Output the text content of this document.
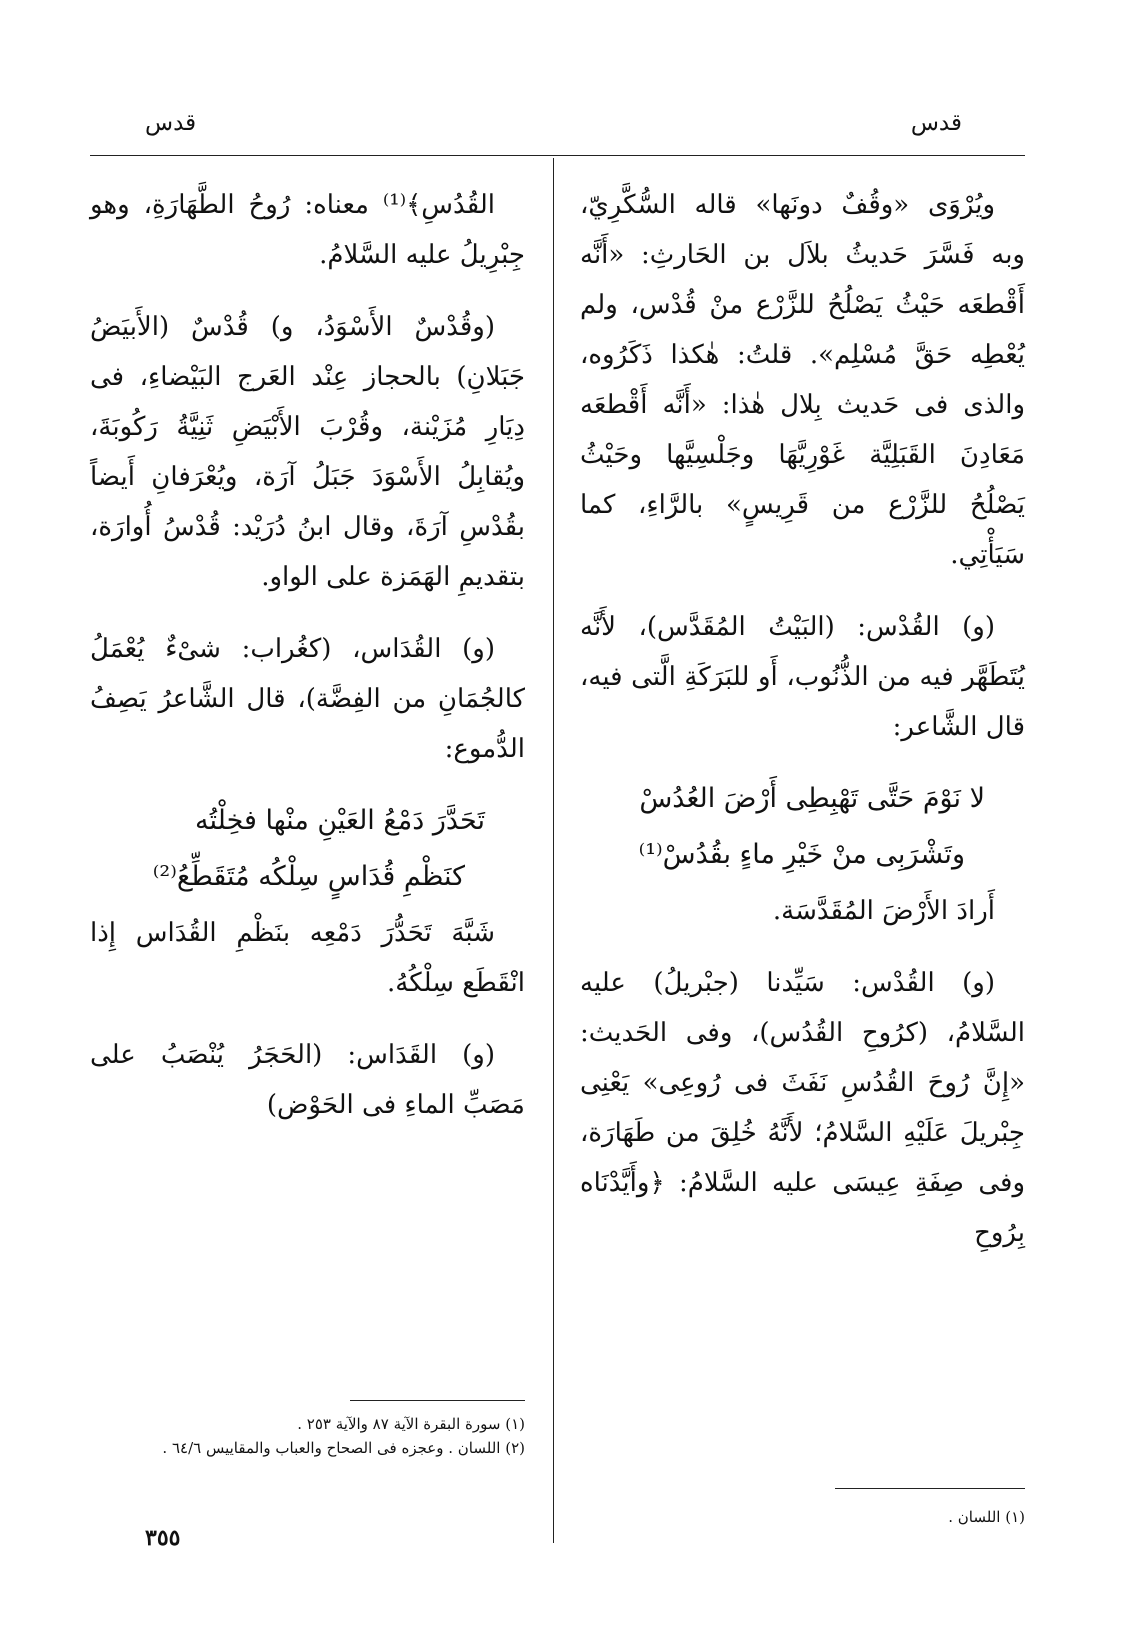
قدس
قدس

ويُرْوَى «وقُفٌ دونَها» قاله السُّكَّرِيّ، وبه فَسَّرَ حَديثُ بلاَل بن الحَارثِ: «أَنَّه أَقْطعَه حَيْثُ يَصْلُحُ للزَّرْع منْ قُدْس، ولم يُعْطِه حَقَّ مُسْلِم». قلتُ: هٰكذا ذَكَرُوه، والذى فى حَديث بِلال هٰذا: «أَنَّه أَقْطعَه مَعَادِنَ القَبَلِيَّة غَوْرِيَّهَا وجَلْسِيَّها وحَيْثُ يَصْلُحُ للزَّرْع من قَرِيسٍ» بالرَّاءِ، كما سَيَأْتِي.

(و) القُدْس: (البَيْتُ المُقَدَّس)، لأَنَّه يُتَطَهَّر فيه من الذُّنُوب، أَو للبَرَكَةِ الَّتى فيه، قال الشَّاعر:

لا نَوْمَ حَتَّى تَهْبِطِى أَرْضَ العُدُسْ

وتَشْرَبِى منْ خَيْرِ ماءٍ بقُدُسْ⁽¹⁾

أَرادَ الأَرْضَ المُقَدَّسَة.

(و) القُدْس: سَيِّدنا (جبْريلُ) عليه السَّلامُ، (كرُوحِ القُدُس)، وفى الحَديث: «إِنَّ رُوحَ القُدُسِ نَفَثَ فى رُوعِى» يَعْنِى جِبْريلَ عَلَيْهِ السَّلامُ؛ لأَنَّهُ خُلِقَ من طَهَارَة، وفى صِفَةِ عِيسَى عليه السَّلامُ: ﴿وأَيَّدْنَاه بِرُوحِ

القُدُسِ﴾⁽¹⁾ معناه: رُوحُ الطَّهَارَةِ، وهو جِبْرِيلُ عليه السَّلامُ.

(وقُدْسٌ الأَسْوَدُ، و) قُدْسٌ (الأَبيَضُ جَبَلانِ) بالحجاز عِنْد العَرج البَيْضاءِ، فى دِيَارِ مُزَيْنة، وقُرْبَ الأَبْيَضِ ثَنِيَّةُ رَكُوبَةَ، ويُقابِلُ الأَسْوَدَ جَبَلُ آرَة، ويُعْرَفانِ أَيضاً بقُدْسِ آرَةَ، وقال ابنُ دُرَيْد: قُدْسُ أُوارَة، بتقديمِ الهَمَزة على الواو.

(و) القُدَاس، (كغُراب: شىْءٌ يُعْمَلُ كالجُمَانِ من الفِضَّة)، قال الشَّاعرُ يَصِفُ الدُّموع:

تَحَدَّرَ دَمْعُ العَيْنِ منْها فخِلْتُه

كنَظْمِ قُدَاسٍ سِلْكُه مُتَقَطِّعُ⁽²⁾

شَبَّهَ تَحَدُّرَ دَمْعِه بنَظْمِ القُدَاس إِذا انْقَطَع سِلْكُهُ.

(و) القَدَاس: (الحَجَرُ يُنْصَبُ على مَصَبِّ الماءِ فى الحَوْض)

(١) سورة البقرة الآية ٨٧ والآية ٢٥٣ .
(٢) اللسان . وعجزه فى الصحاح والعباب والمقاييس ٦٤/٦ .
(١) اللسان .
٣٥٥
